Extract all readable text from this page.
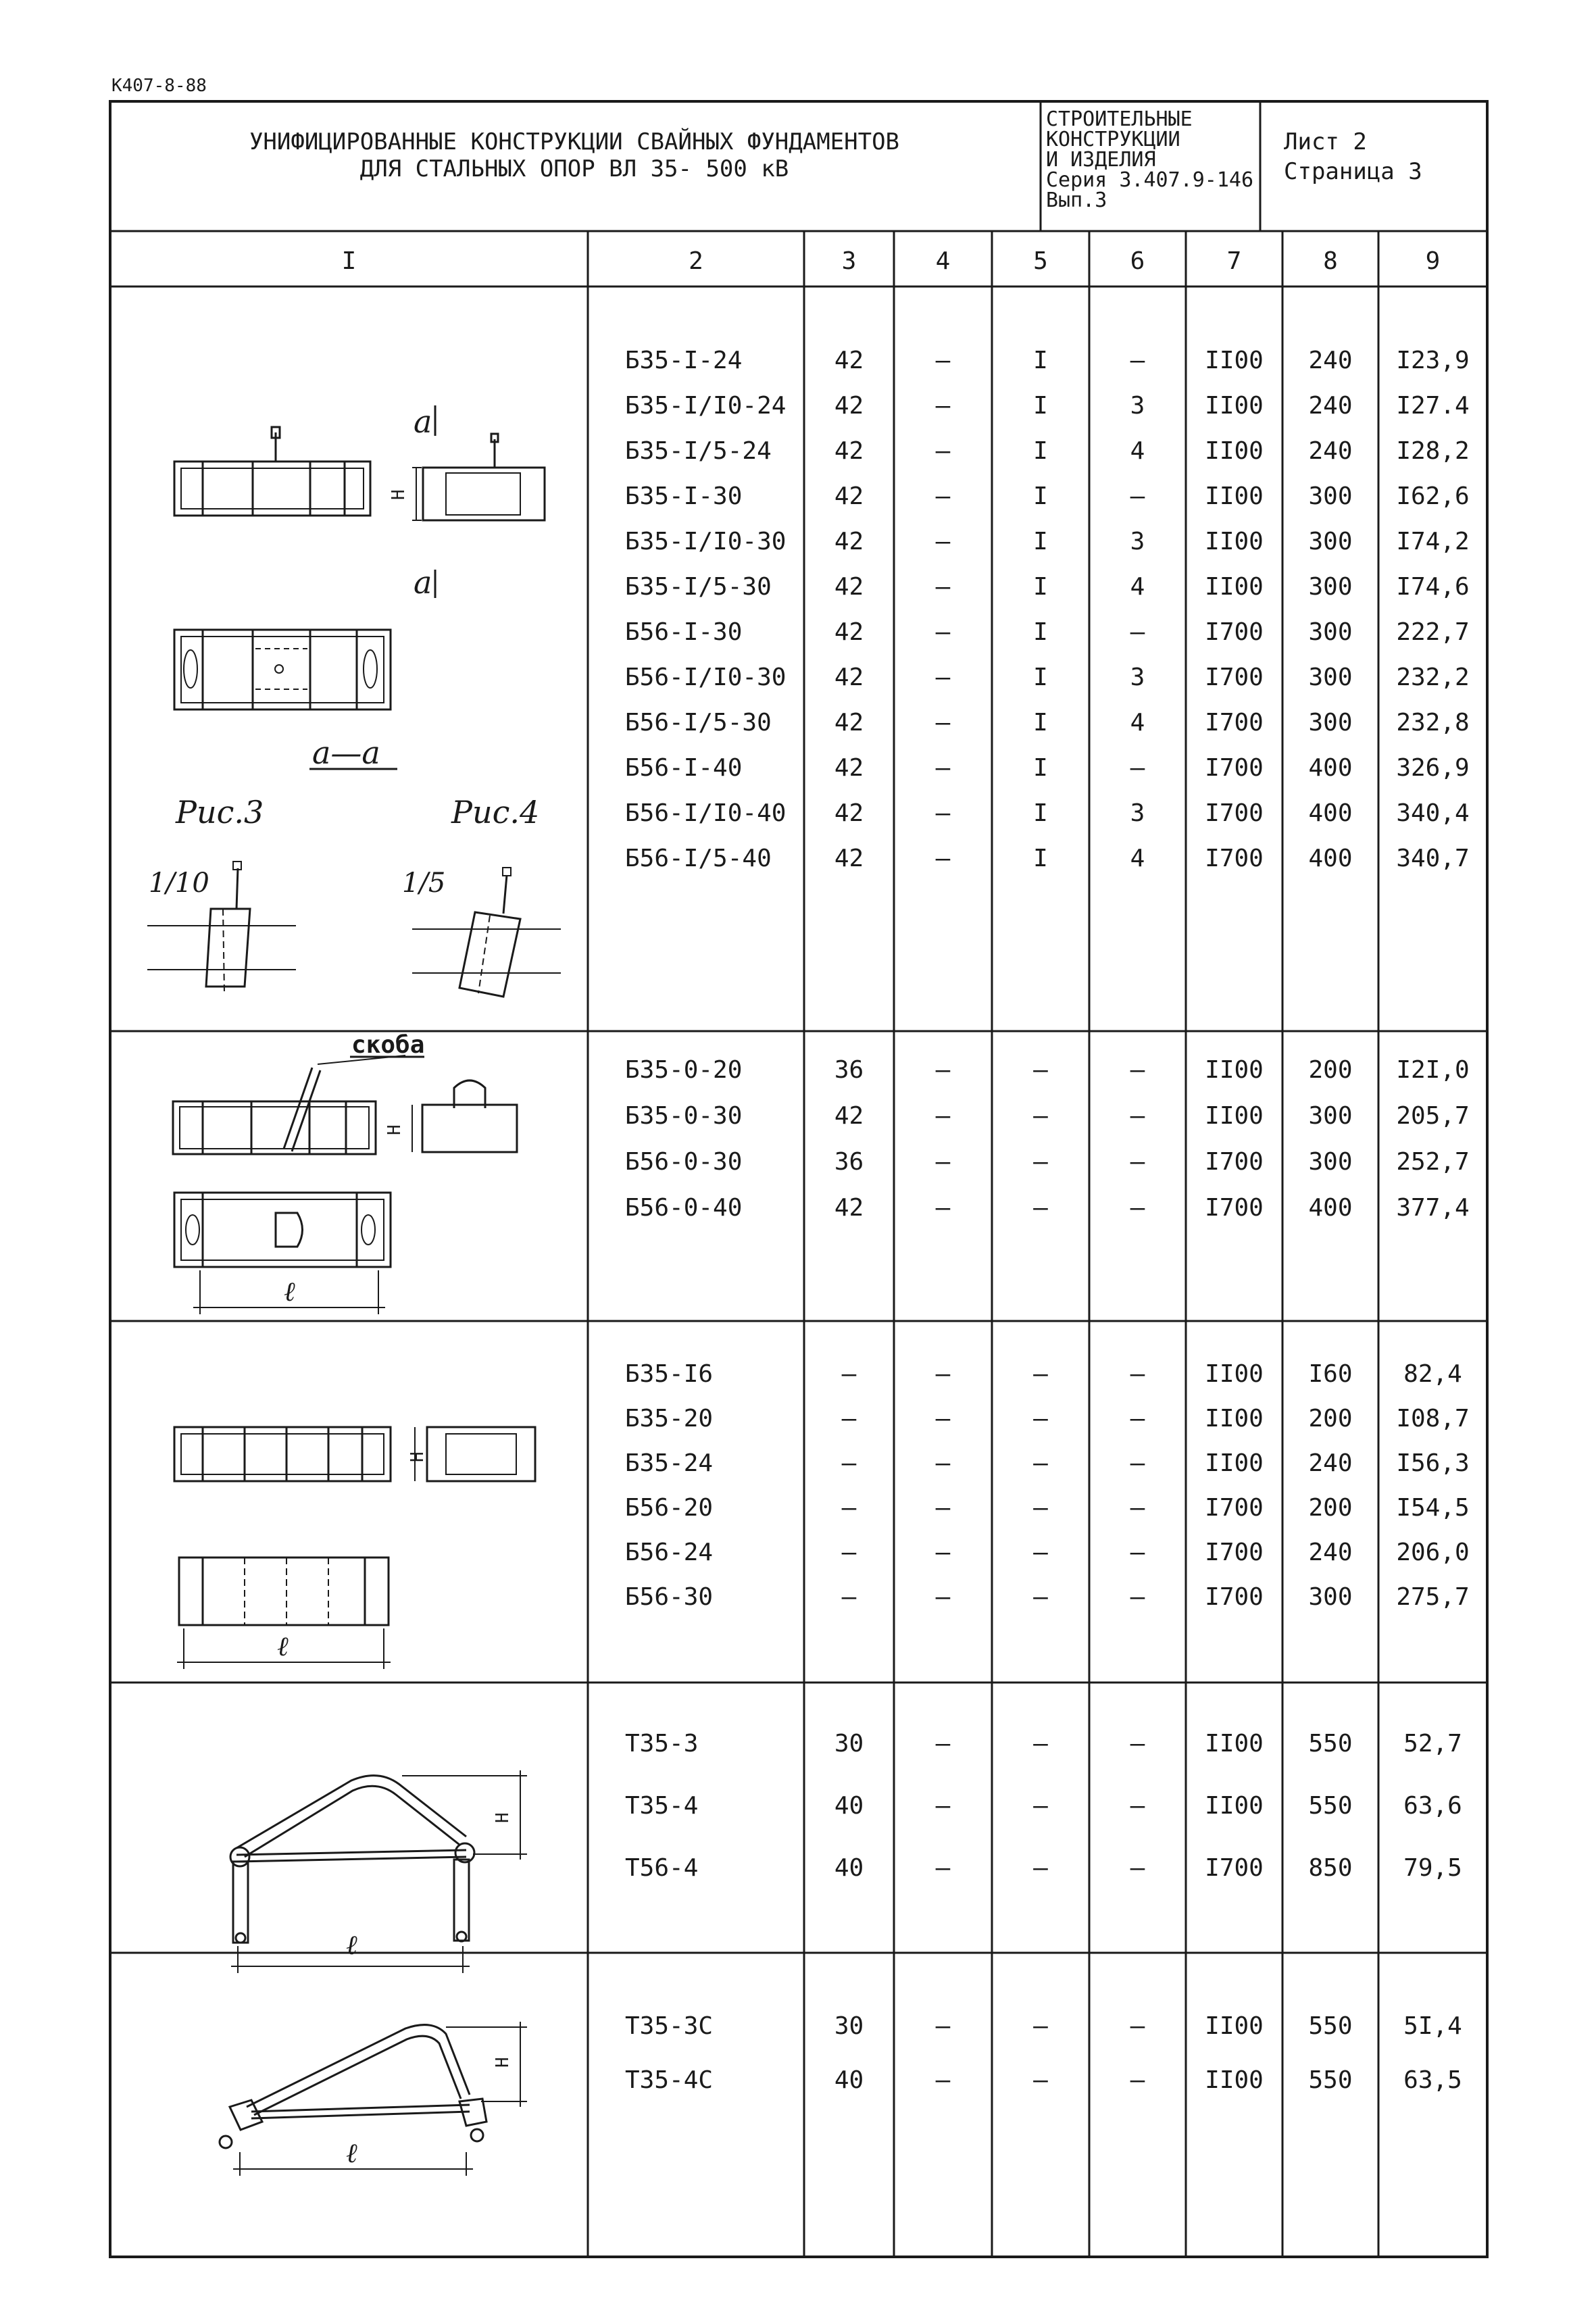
I	2	3	4	5	6	7	8	9
Б35-I-24	42	–	I	– II00 240 I23,9
Б35-I/I0-24 42	–	I	3 II00 240 I27.4
Б35-I/5-24	42	–	I	4 II00 240 I28,2
Б35-I-30	42	–	I	– II00 300 I62,6
Б35-I/I0-30 42	–	I	3 II00 300 I74,2
Б35-I/5-30	42	–	I	4 II00 300 I74,6
Б56-I-30	42	–	I	– I700 300 222,7
Б56-I/I0-30 42	–	I	3 I700 300 232,2
Б56-I/5-30	42	–	I	4 I700 300 232,8
Б56-I-40	42	–	I	– I700 400 326,9
Б56-I/I0-40 42	–	I	3 I700 400 340,4
Б56-I/5-40	42	–	I	4 I700 400 340,7
Б35-0-20	36	–	–	– II00 200 I2I,0
Б35-0-30	42	–	–	– II00 300 205,7
Б56-0-30	36	–	–	– I700 300 252,7
Б56-0-40	42	–	–	– I700 400 377,4
Б35-I6	–	–	–	– II00 I60 82,4
Б35-20	–	–	–	– II00 200 I08,7
Б35-24	–	–	–	– II00 240 I56,3
Б56-20	–	–	–	– I700 200 I54,5
Б56-24	–	–	–	– I700 240 206,0
Б56-30	–	–	–	– I700 300 275,7
Т35-3	30	–	–	– II00 550 52,7
Т35-4	40	–	–	– II00 550 63,6
Т56-4	40	–	–	– I700 850 79,5
Т35-3С	30	–	–	– II00 550 5I,4
Т35-4С	40	–	–	– II00 550 63,5
а
а
Н
а—а
Рис.3	Рис.4
1/10	1/5
скоба
Н
ℓ
Н
ℓ
Н
ℓ
Н
ℓ
К407-8-88
УНИФИЦИРОВАННЫЕ КОНСТРУКЦИИ СВАЙНЫХ ФУНДАМЕНТОВ
ДЛЯ СТАЛЬНЫХ ОПОР ВЛ 35- 500 кВ
СТРОИТЕЛЬНЫЕ
КОНСТРУКЦИИ
И ИЗДЕЛИЯ
Серия 3.407.9-146
Вып.3
Лист 2
Страница 3
